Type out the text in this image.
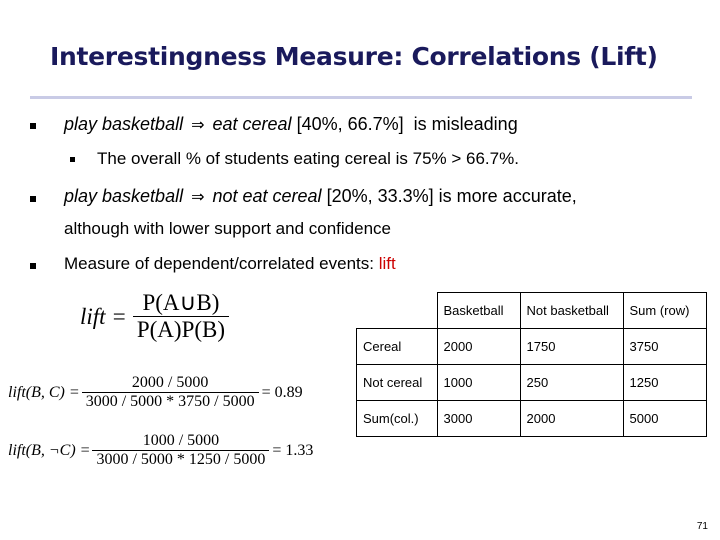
Interestingness Measure: Correlations (Lift)
play basketball ⇒ eat cereal [40%, 66.7%] is misleading
The overall % of students eating cereal is 75% > 66.7%.
play basketball ⇒ not eat cereal [20%, 33.3%] is more accurate,
although with lower support and confidence
Measure of dependent/correlated events: lift
lift = $\frac{P(A\cup B)}{P(A)P(B)}$
lift(B, $C) = \frac{2000 / 5000}{3000 / 5000 * 3750 / 5000} = 0.89$
lift(B, ¬C) = $\frac{1000 / 5000}{3000 / 5000 * 1250 / 5000} = 1.33$
	Basketball	Not basketball	Sum (row)
Cereal	2000	1750	3750
Not cereal	1000	250	1250
Sum(col.)	3000	2000	5000
71
